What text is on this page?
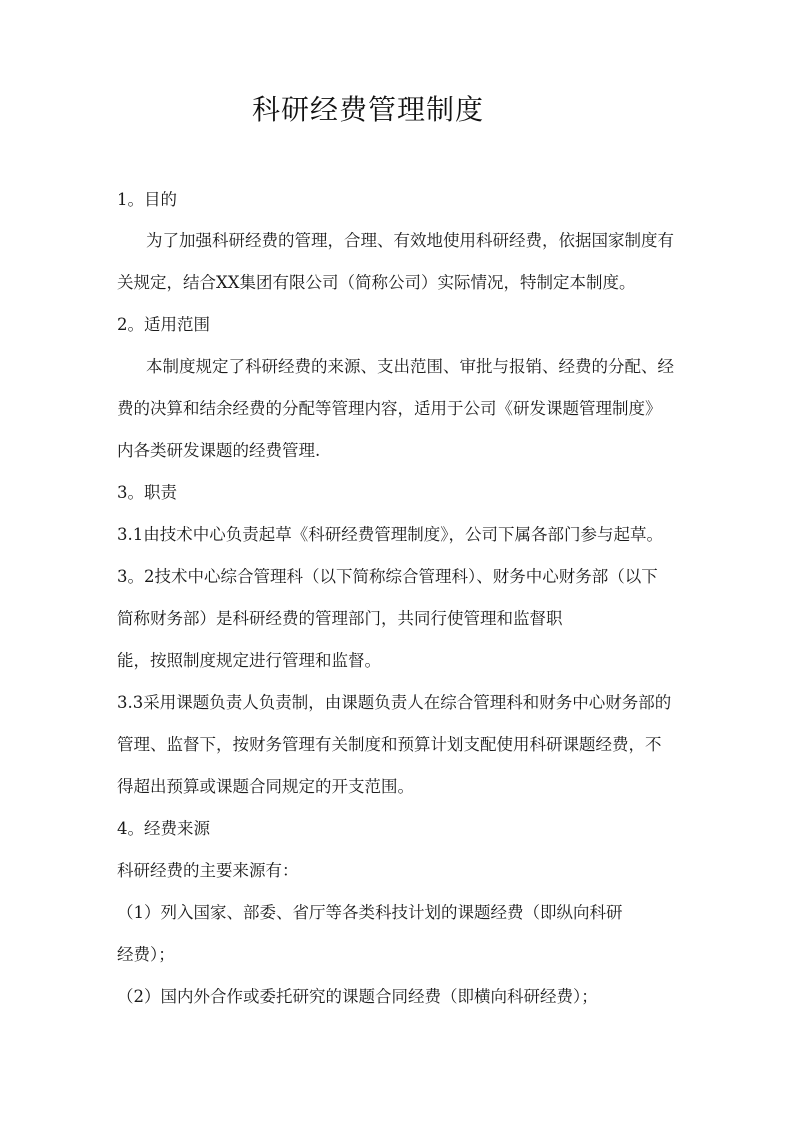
科研经费管理制度
1。目的
为了加强科研经费的管理，合理、有效地使用科研经费，依据国家制度有
关规定，结合XX集团有限公司（简称公司）实际情况，特制定本制度。
2。适用范围
本制度规定了科研经费的来源、支出范围、审批与报销、经费的分配、经
费的决算和结余经费的分配等管理内容，适用于公司《研发课题管理制度》
内各类研发课题的经费管理.
3。职责
3.1由技术中心负责起草《科研经费管理制度》，公司下属各部门参与起草。
3。2技术中心综合管理科（以下简称综合管理科）、财务中心财务部（以下
简称财务部）是科研经费的管理部门，共同行使管理和监督职
能，按照制度规定进行管理和监督。
3.3采用课题负责人负责制，由课题负责人在综合管理科和财务中心财务部的
管理、监督下，按财务管理有关制度和预算计划支配使用科研课题经费，不
得超出预算或课题合同规定的开支范围。
4。经费来源
科研经费的主要来源有：
（1）列入国家、部委、省厅等各类科技计划的课题经费（即纵向科研
经费）；
（2）国内外合作或委托研究的课题合同经费（即横向科研经费）；
